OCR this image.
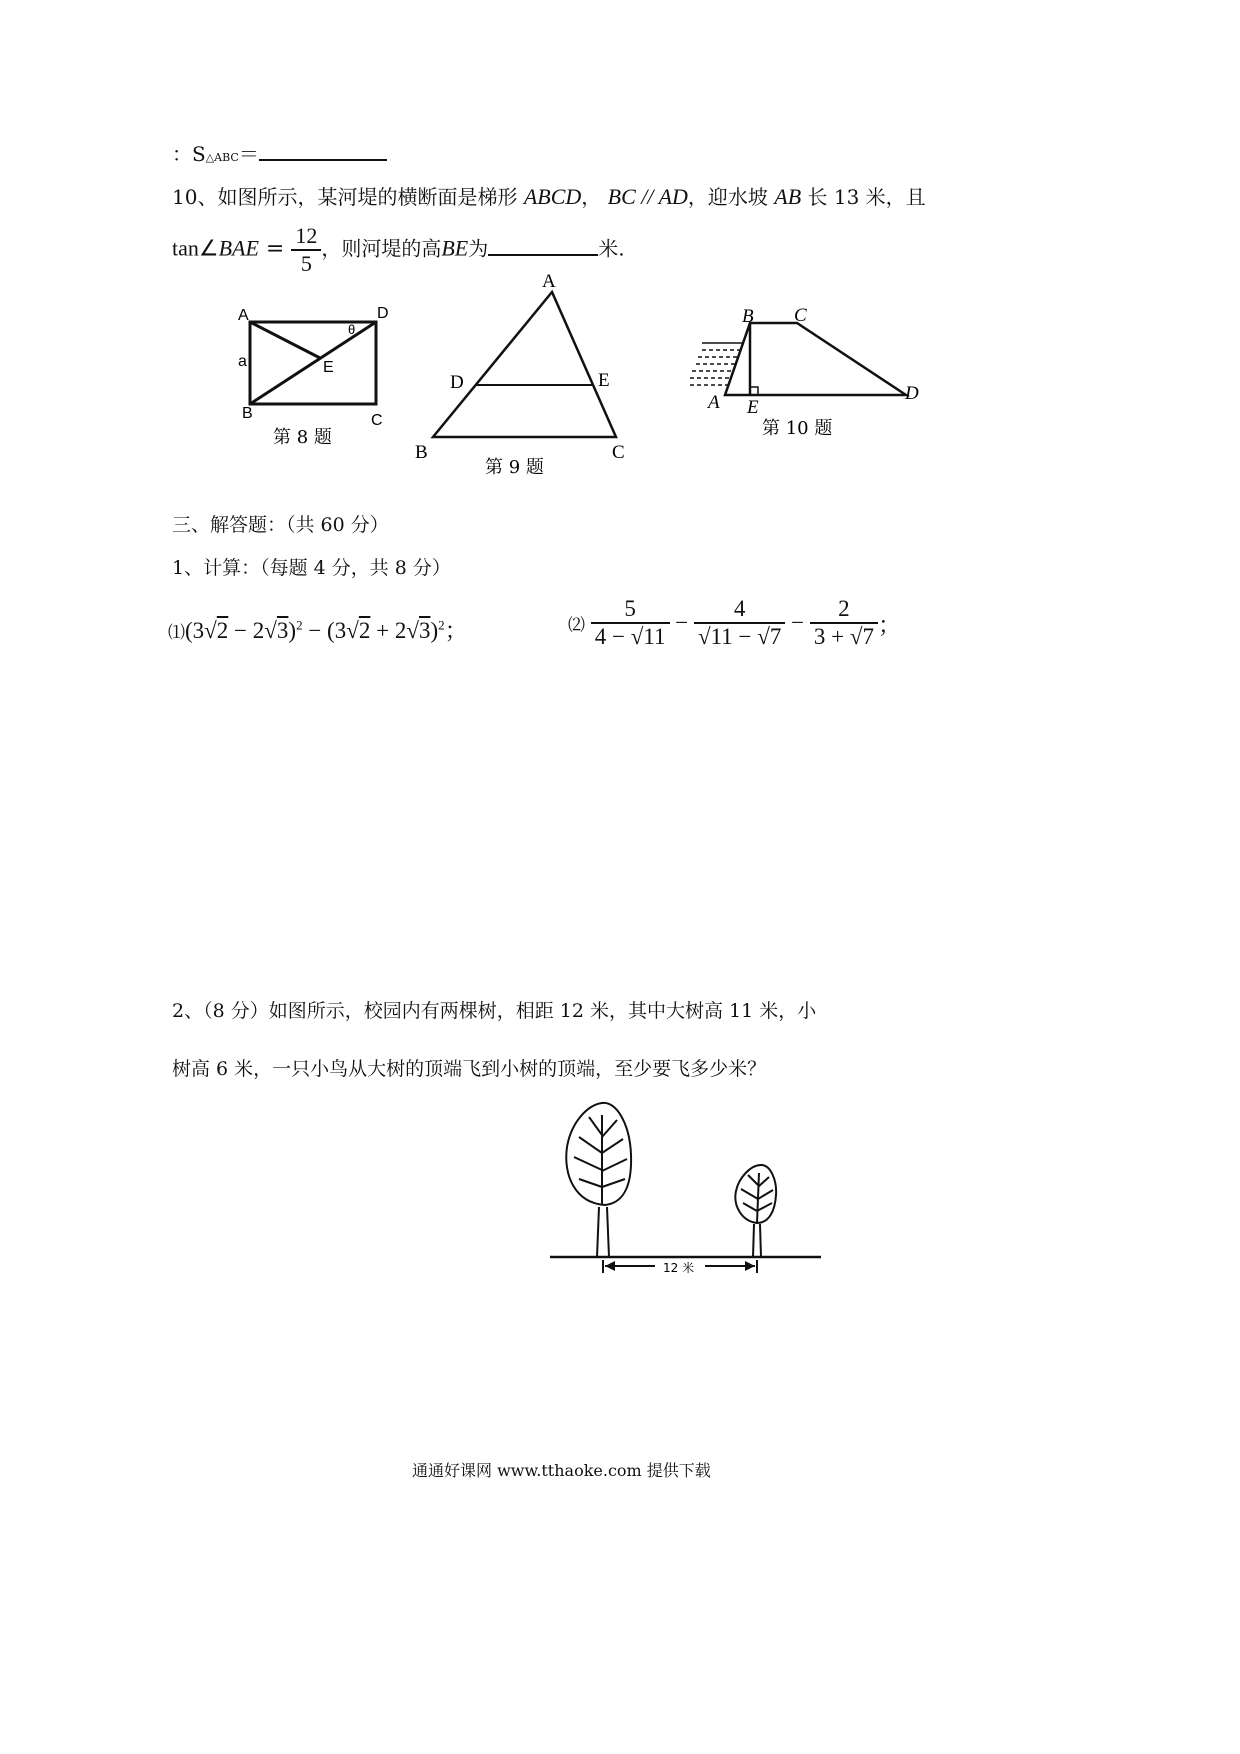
：S△ABC＝
10、如图所示，某河堤的横断面是梯形 ABCD， BC // AD，迎水坡 AB 长 13 米，且
tan∠BAE = $\frac{12}{5}$ ，则河堤的高BE为	米.
A	D
a
θ
E
B	C
第 8 题
A
D	E
B	C
第 9 题
B C
A E
D
第 10 题
三、解答题：（共 60 分）
1、计算：（每题 4 分，共 8 分）
⑴(3√2 − $2√3)^2 - (3√2 + 2√3)^2$；	⑵ $\frac{5}{4 - √11} - \frac{4}{√11 - √7} - \frac{2}{3 + √7}$ ；
2、（8 分）如图所示，校园内有两棵树，相距 12 米，其中大树高 11 米，小
树高 6 米，一只小鸟从大树的顶端飞到小树的顶端，至少要飞多少米？
12 米
通通好课网 www.tthaoke.com 提供下载
